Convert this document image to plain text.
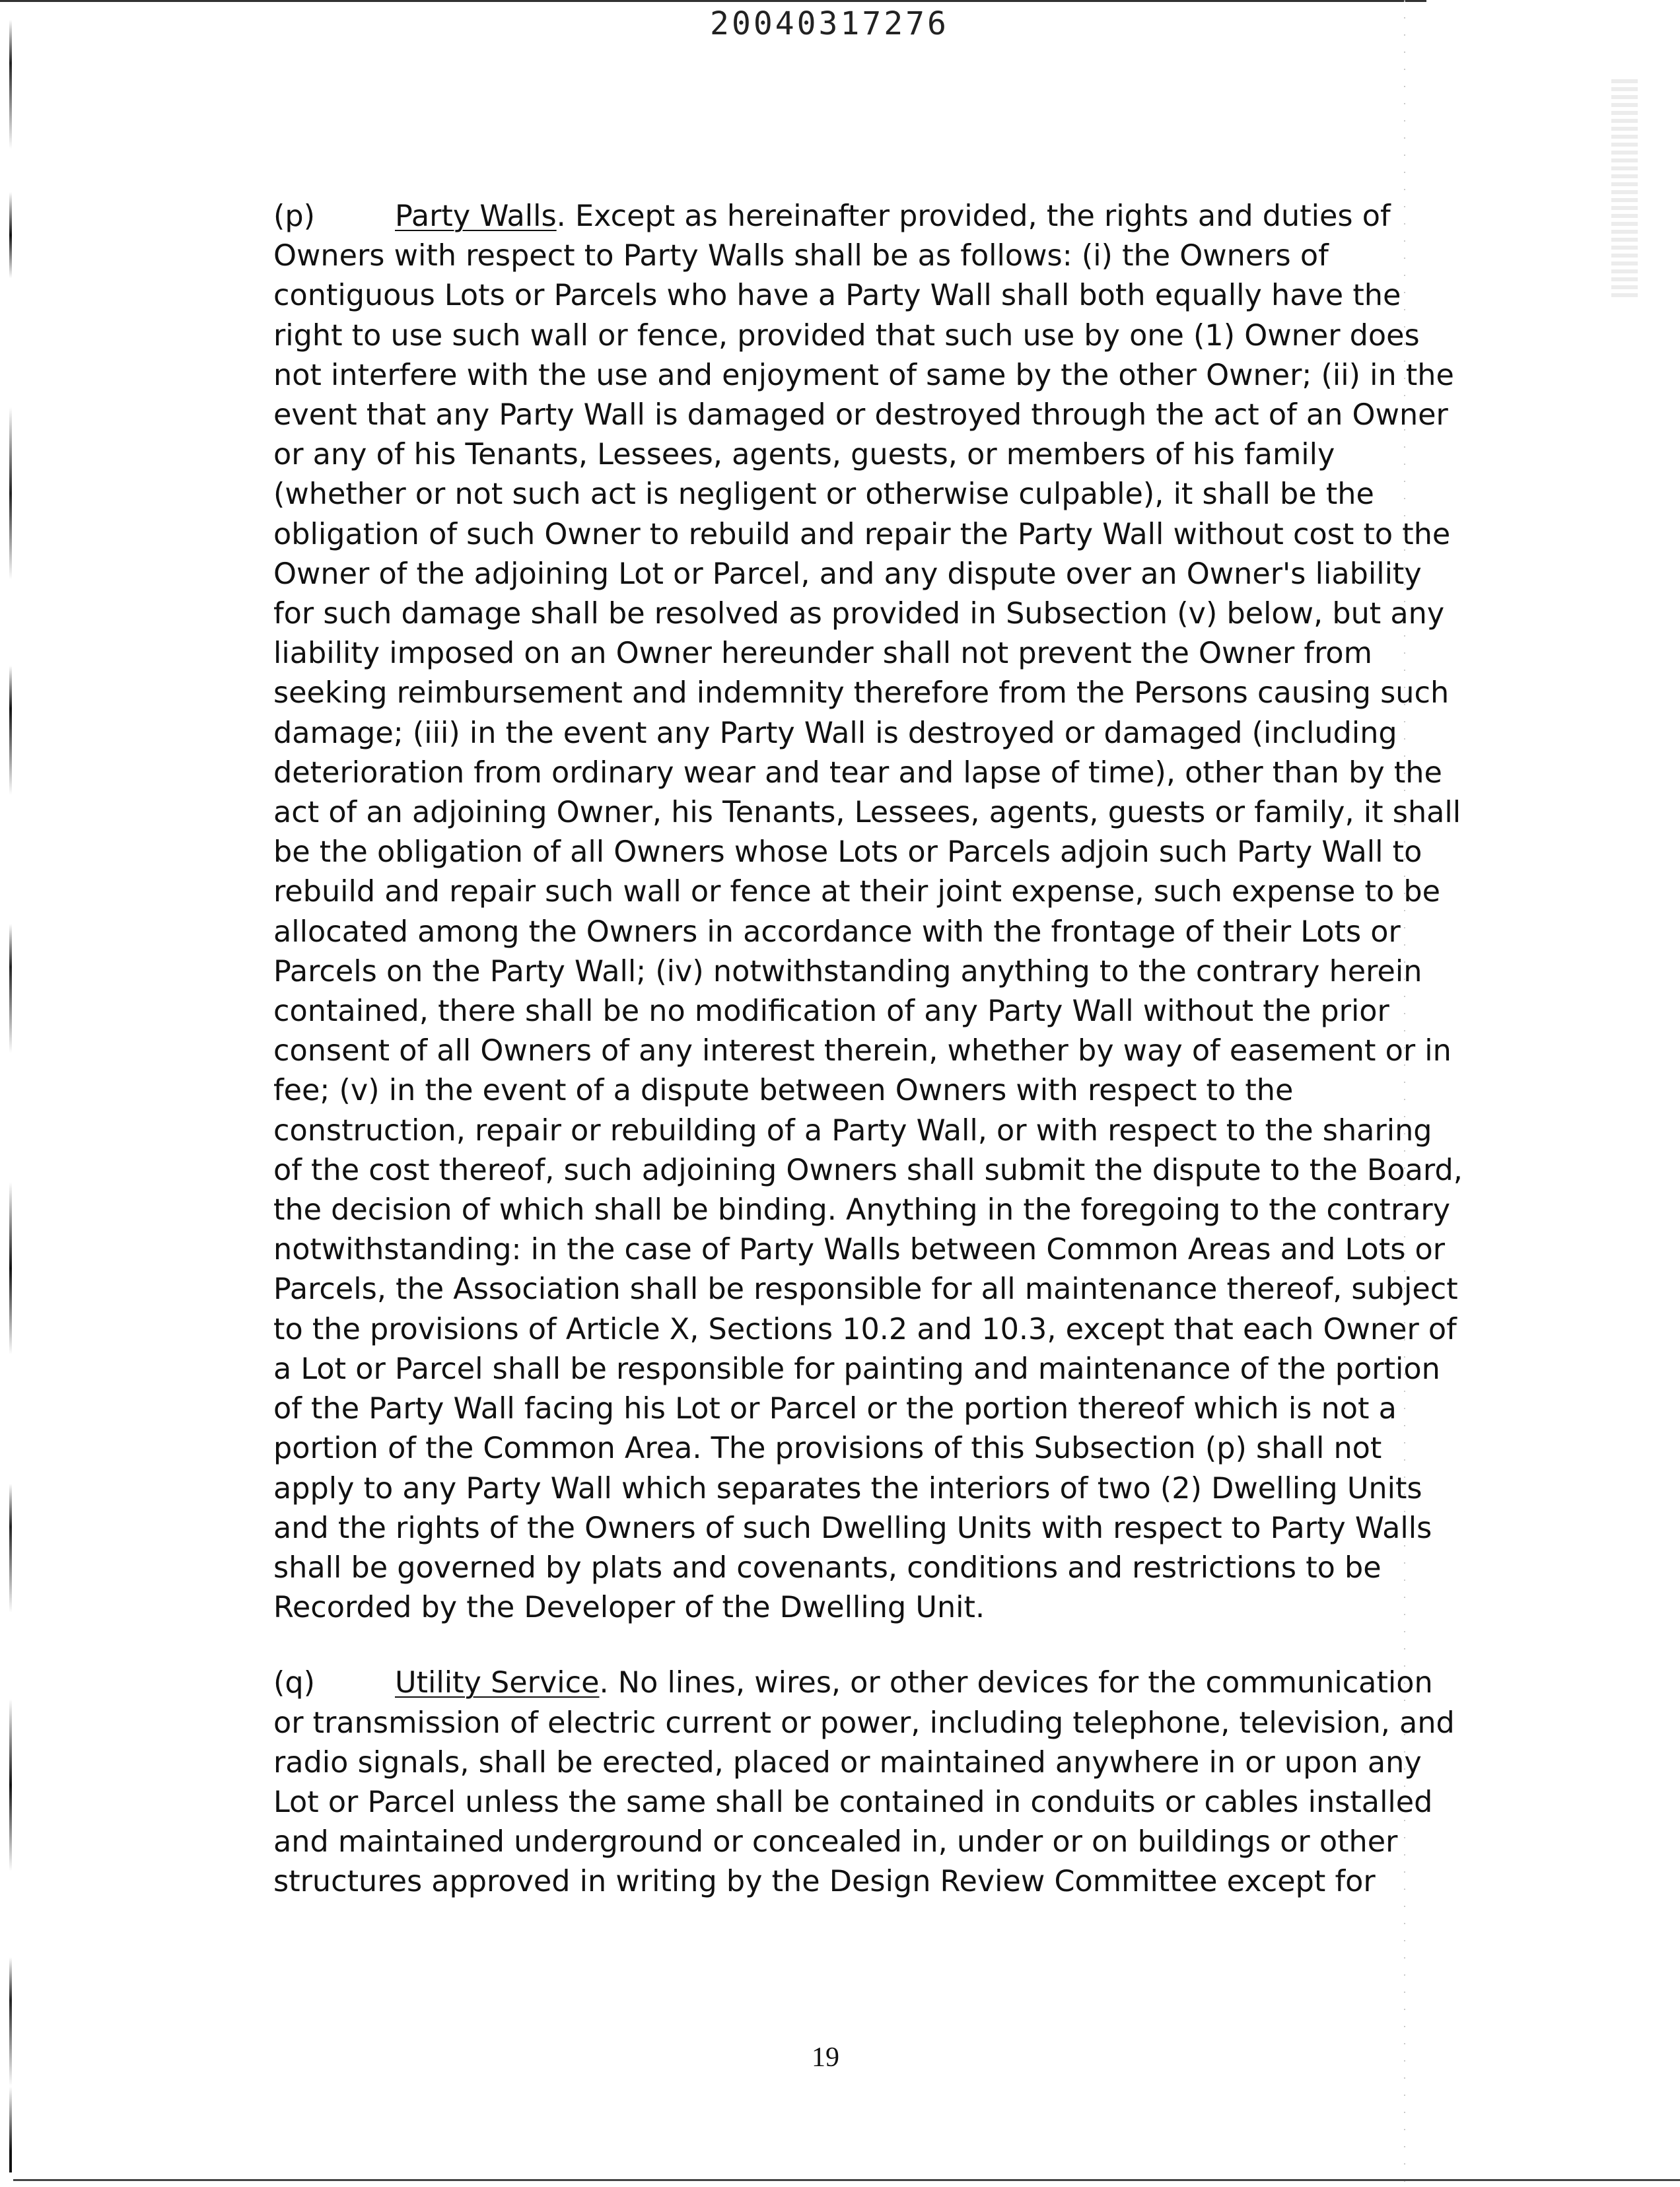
20040317276

(p)	Party Walls. Except as hereinafter provided, the rights and duties of Owners with respect to Party Walls shall be as follows: (i) the Owners of contiguous Lots or Parcels who have a Party Wall shall both equally have the right to use such wall or fence, provided that such use by one (1) Owner does not interfere with the use and enjoyment of same by the other Owner; (ii) in the event that any Party Wall is damaged or destroyed through the act of an Owner or any of his Tenants, Lessees, agents, guests, or members of his family (whether or not such act is negligent or otherwise culpable), it shall be the obligation of such Owner to rebuild and repair the Party Wall without cost to the Owner of the adjoining Lot or Parcel, and any dispute over an Owner's liability for such damage shall be resolved as provided in Subsection (v) below, but any liability imposed on an Owner hereunder shall not prevent the Owner from seeking reimbursement and indemnity therefore from the Persons causing such damage; (iii) in the event any Party Wall is destroyed or damaged (including deterioration from ordinary wear and tear and lapse of time), other than by the act of an adjoining Owner, his Tenants, Lessees, agents, guests or family, it shall be the obligation of all Owners whose Lots or Parcels adjoin such Party Wall to rebuild and repair such wall or fence at their joint expense, such expense to be allocated among the Owners in accordance with the frontage of their Lots or Parcels on the Party Wall; (iv) notwithstanding anything to the contrary herein contained, there shall be no modification of any Party Wall without the prior consent of all Owners of any interest therein, whether by way of easement or in fee; (v) in the event of a dispute between Owners with respect to the construction, repair or rebuilding of a Party Wall, or with respect to the sharing of the cost thereof, such adjoining Owners shall submit the dispute to the Board, the decision of which shall be binding. Anything in the foregoing to the contrary notwithstanding: in the case of Party Walls between Common Areas and Lots or Parcels, the Association shall be responsible for all maintenance thereof, subject to the provisions of Article X, Sections 10.2 and 10.3, except that each Owner of a Lot or Parcel shall be responsible for painting and maintenance of the portion of the Party Wall facing his Lot or Parcel or the portion thereof which is not a portion of the Common Area. The provisions of this Subsection (p) shall not apply to any Party Wall which separates the interiors of two (2) Dwelling Units and the rights of the Owners of such Dwelling Units with respect to Party Walls shall be governed by plats and covenants, conditions and restrictions to be Recorded by the Developer of the Dwelling Unit.

(q)	Utility Service. No lines, wires, or other devices for the communication or transmission of electric current or power, including telephone, television, and radio signals, shall be erected, placed or maintained anywhere in or upon any Lot or Parcel unless the same shall be contained in conduits or cables installed and maintained underground or concealed in, under or on buildings or other structures approved in writing by the Design Review Committee except for

19
